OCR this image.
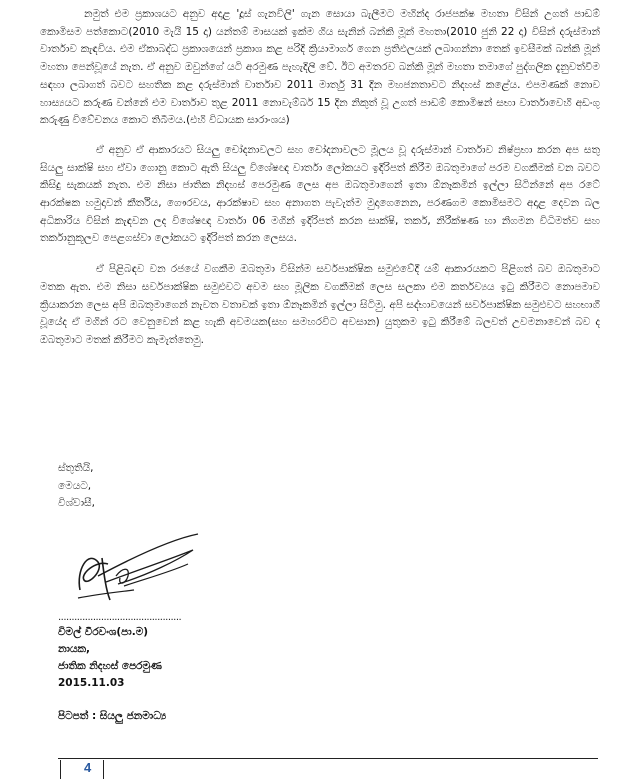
නමුත් එම ප්‍රකාශයට අනුව අදාළ 'දූස් ගැනවිලි' ගැන සොයා බැලීමට මහින්ද රාජපක්ෂ මහතා විසින් උගත් පාඩම් කොමිසම පත්කොට(2010 මැයි 15 දා) යන්තම් මාසයක් ඉක්ම ගිය සැනින් බන්කි මූන් මහතා(2010 ජුනි 22 දා) විසින් දරුස්මාන් වාර්තාව කැඳවිය. එම ඒකාබද්ධ ප්‍රකාශයෙන් ප්‍රකාශ කළ පරිදි ක්‍රියාමාර්ග ගෙන ප්‍රතිඵලයක් ලබාගන්නා තෙක් ඉවසීමක් බන්කි මූන් මහතා පෙන්වූයේ නැත. ඒ අනුව ඔවුන්ගේ යටි අරමුණ පැහැදිලි වේ. ඊට අමතරව බන්කි මූන් මහතා තමාගේ පුද්ගලික දැනුවත්වීම සඳහා ලබාගත් බවට සහතික කළ දරුස්මාන් වාර්තාව 2011 මාර්තු 31 දින මහජනතාවට නිදහස් කළේය. එපමණක් නොව හාස්‍යයට කරුණ වන්නේ එම වාර්තාව තුළ 2011 නොවැම්බර් 15 දින නිකුත් වූ උගත් පාඩම් කොමිෂන් සභා වාර්තාවෙහි අඩංගු කරුණු විවේචනය කොට තිබීමය.(එහි විධායක සාරාංශය)

ඒ අනුව ඒ ආකාරයට සියලු චෝදනාවලට සහ චෝදනාවලට මූලය වූ දරුස්මාන් වාර්තාව නිෂ්ප්‍රභා කරන අප සතු සියලු සාක්ෂි සහ ඒවා ගොනු කොට ඇති සියලු විශේෂඥ වාර්තා ලෝකයට ඉදිරිපත් කිරීම ඔබතුමාගේ පරම වගකීමක් වන බවට කිසිදු සැකයක් නැත. එම නිසා ජාතික නිදහස් පෙරමුණ ලෙස අප ඔබතුමාගෙන් ඉතා ඕනෑකමින් ඉල්ලා සිටින්නේ අප රටේ ආරක්ෂක හමුදාවන් කීර්තිය, ගෞරවය, ආරක්ෂාව සහ අනාගත පැවැත්ම මුදාගෙනෙන, පරණගම කොමිසමට අදාළ දෙවන බල අධිකාරිය විසින් කැඳවන ලද විශේෂඥ වාර්තා 06 මගින් ඉදිරිපත් කරන සාක්ෂි, තර්ක, නිරීක්ෂණ හා නිගමන විධිමත්ව සහ තර්කානුකූලව පෙළගස්වා ලෝකයට ඉදිරිපත් කරන ලෙසය.

ඒ පිළිබඳව වන රජයේ වගකීම ඔබතුමා විසින්ම සර්වපාක්ෂික සමුළුවේදී යම් ආකාරයකට පිළිගත් බව ඔබතුමාට මතක ඇත. එම නිසා සර්වපාක්ෂික සමුළුවට අවම සහ මූලික වගකීමක් ලෙස සලකා එම කර්තව්‍යය ඉටු කිරීමට නොපමාව ක්‍රියාකරන ලෙස අපි ඔබතුමාගෙන් නැවත වතාවක් ඉතා ඕනෑකමින් ඉල්ලා සිටිමු. අපි සද්භාවයෙන් සර්වපාක්ෂික සමුළුවට සහභාගී වූයේද ඒ මගින් රට වෙනුවෙන් කළ හැකි අවමයක(සහ සමහරවිට අවසාන) යුතුකම ඉටු කිරීමේ බලවත් උවමනාවෙන් බව ද ඔබතුමාට මතක් කිරීමට කැමැත්තෙමු.

ස්තුතියි,
මෙයට,
විශ්වාසී,
..............................................
විමල් වීරවංශ(පා.ම)
නායක,
ජාතික නිදහස් පෙරමුණ
2015.11.03
පිටපත් : සියලු ජනමාධ්‍ය
4
